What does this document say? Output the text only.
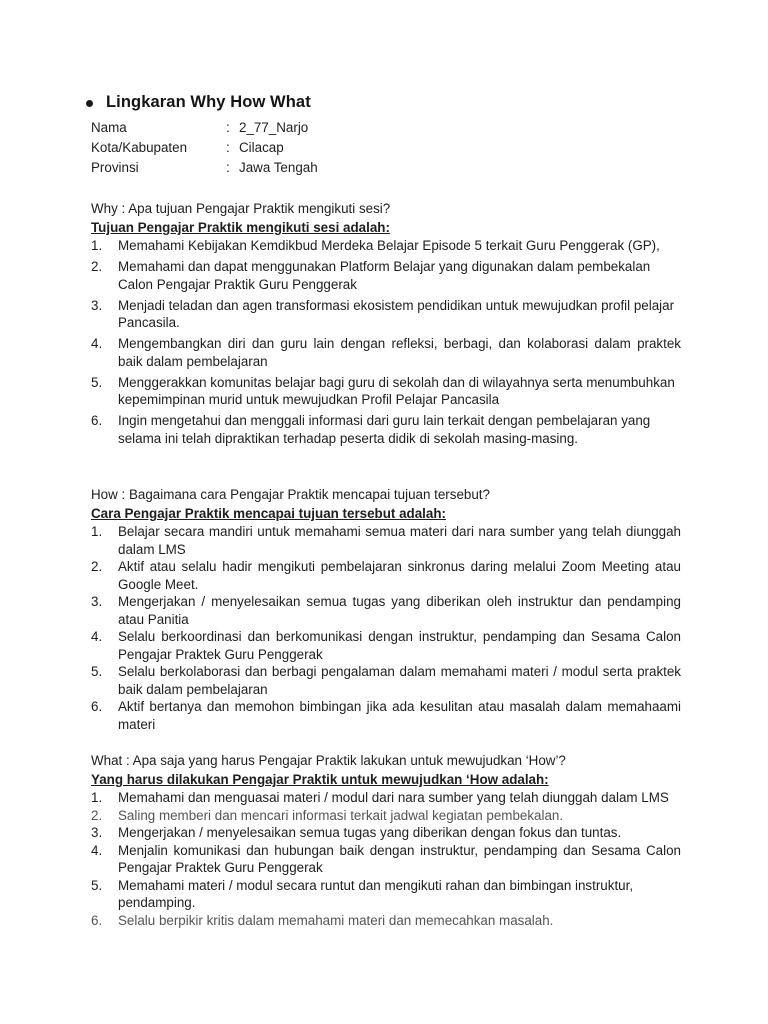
Lingkaran Why How What
Nama	: 2_77_Narjo
Kota/Kabupaten	: Cilacap
Provinsi	: Jawa Tengah
Why : Apa tujuan Pengajar Praktik mengikuti sesi?
Tujuan Pengajar Praktik mengikuti sesi adalah:
1.	Memahami Kebijakan Kemdikbud Merdeka Belajar Episode 5 terkait Guru Penggerak (GP),
2.	Memahami dan dapat menggunakan Platform Belajar yang digunakan dalam pembekalan Calon Pengajar Praktik Guru Penggerak
3.	Menjadi teladan dan agen transformasi ekosistem pendidikan untuk mewujudkan profil pelajar Pancasila.
4.	Mengembangkan diri dan guru lain dengan refleksi, berbagi, dan kolaborasi dalam praktek baik dalam pembelajaran
5.	Menggerakkan komunitas belajar bagi guru di sekolah dan di wilayahnya serta menumbuhkan kepemimpinan murid untuk mewujudkan Profil Pelajar Pancasila
6.	Ingin mengetahui dan menggali informasi dari guru lain terkait dengan pembelajaran yang selama ini telah dipraktikan terhadap peserta didik di sekolah masing-masing.
How : Bagaimana cara Pengajar Praktik mencapai tujuan tersebut?
Cara Pengajar Praktik mencapai tujuan tersebut adalah:
1.	Belajar secara mandiri untuk memahami semua materi dari nara sumber yang telah diunggah dalam LMS
2.	Aktif atau selalu hadir mengikuti pembelajaran sinkronus daring melalui Zoom Meeting atau Google Meet.
3.	Mengerjakan / menyelesaikan semua tugas yang diberikan oleh instruktur dan pendamping atau Panitia
4.	Selalu berkoordinasi dan berkomunikasi dengan instruktur, pendamping dan Sesama Calon Pengajar Praktek Guru Penggerak
5.	Selalu berkolaborasi dan berbagi pengalaman dalam memahami materi / modul serta praktek baik dalam pembelajaran
6.	Aktif bertanya dan memohon bimbingan jika ada kesulitan atau masalah dalam memahaami materi
What : Apa saja yang harus Pengajar Praktik lakukan untuk mewujudkan ‘How’?
Yang harus dilakukan Pengajar Praktik untuk mewujudkan ‘How adalah:
1.	Memahami dan menguasai materi / modul dari nara sumber yang telah diunggah dalam LMS
2.	Saling memberi dan mencari informasi terkait jadwal kegiatan pembekalan.
3.	Mengerjakan / menyelesaikan semua tugas yang diberikan dengan fokus dan tuntas.
4.	Menjalin komunikasi dan hubungan baik dengan instruktur, pendamping dan Sesama Calon Pengajar Praktek Guru Penggerak
5.	Memahami materi / modul secara runtut dan mengikuti rahan dan bimbingan instruktur, pendamping.
6.	Selalu berpikir kritis dalam memahami materi dan memecahkan masalah.
